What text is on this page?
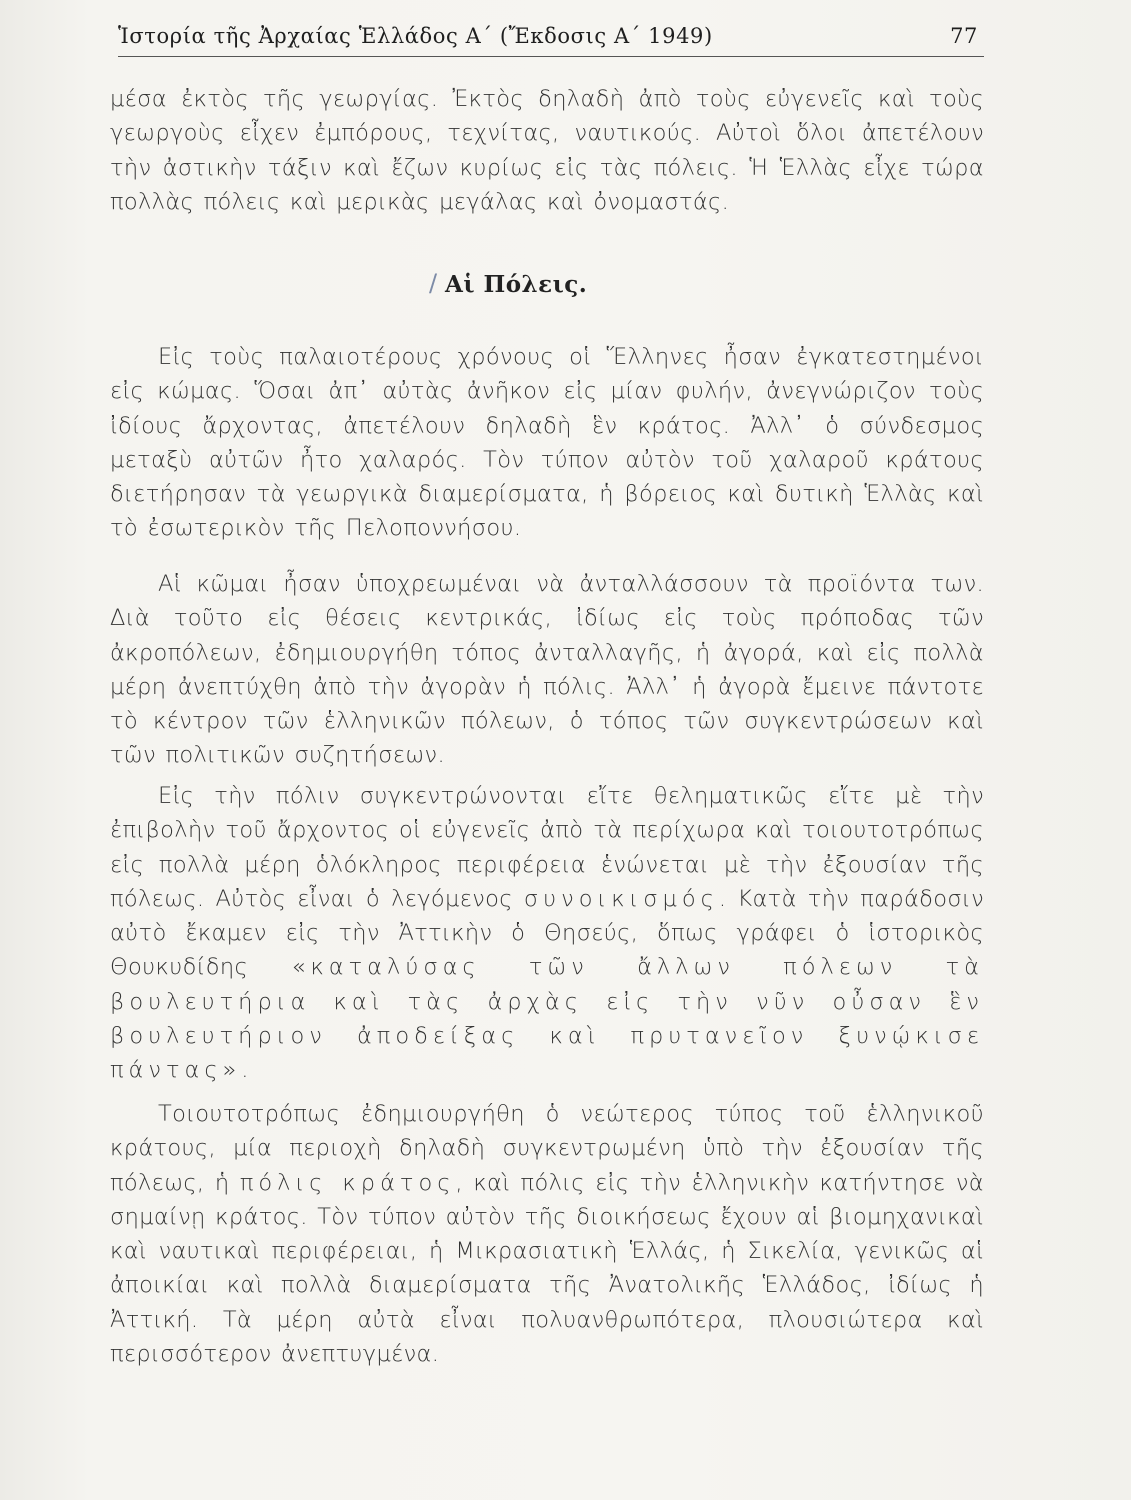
Ἱστορία τῆς Ἀρχαίας Ἑλλάδος Α΄ (Ἔκδοσις Α΄ 1949)	77

μέσα ἐκτὸς τῆς γεωργίας. Ἐκτὸς δηλαδὴ ἀπὸ τοὺς εὐγενεῖς καὶ τοὺς γεωργοὺς εἶχεν ἐμπόρους, τεχνίτας, ναυτικούς. Αὐτοὶ ὅλοι ἀπετέλουν τὴν ἀστικὴν τάξιν καὶ ἔζων κυρίως εἰς τὰς πόλεις. Ἡ Ἑλλὰς εἶχε τώρα πολλὰς πόλεις καὶ μερικὰς μεγάλας καὶ ὀνομαστάς.

/ Αἱ Πόλεις.

Εἰς τοὺς παλαιοτέρους χρόνους οἱ Ἕλληνες ἦσαν ἐγκατεστημένοι εἰς κώμας. Ὅσαι ἀπ᾽ αὐτὰς ἀνῆκον εἰς μίαν φυλήν, ἀνεγνώριζον τοὺς ἰδίους ἄρχοντας, ἀπετέλουν δηλαδὴ ἓν κράτος. Ἀλλ᾽ ὁ σύνδεσμος μεταξὺ αὐτῶν ἦτο χαλαρός. Τὸν τύπον αὐτὸν τοῦ χαλαροῦ κράτους διετήρησαν τὰ γεωργικὰ διαμερίσματα, ἡ βόρειος καὶ δυτικὴ Ἑλλὰς καὶ τὸ ἐσωτερικὸν τῆς Πελοποννήσου.

Αἱ κῶμαι ἦσαν ὑποχρεωμέναι νὰ ἀνταλλάσσουν τὰ προϊόντα των. Διὰ τοῦτο εἰς θέσεις κεντρικάς, ἰδίως εἰς τοὺς πρόποδας τῶν ἀκροπόλεων, ἐδημιουργήθη τόπος ἀνταλλαγῆς, ἡ ἀγορά, καὶ εἰς πολλὰ μέρη ἀνεπτύχθη ἀπὸ τὴν ἀγορὰν ἡ πόλις. Ἀλλ᾽ ἡ ἀγορὰ ἔμεινε πάντοτε τὸ κέντρον τῶν ἑλληνικῶν πόλεων, ὁ τόπος τῶν συγκεντρώσεων καὶ τῶν πολιτικῶν συζητήσεων.

Εἰς τὴν πόλιν συγκεντρώνονται εἴτε θεληματικῶς εἴτε μὲ τὴν ἐπιβολὴν τοῦ ἄρχοντος οἱ εὐγενεῖς ἀπὸ τὰ περίχωρα καὶ τοιουτοτρόπως εἰς πολλὰ μέρη ὁλόκληρος περιφέρεια ἑνώνεται μὲ τὴν ἐξουσίαν τῆς πόλεως. Αὐτὸς εἶναι ὁ λεγόμενος συνοικισμός. Κατὰ τὴν παράδοσιν αὐτὸ ἔκαμεν εἰς τὴν Ἀττικὴν ὁ Θησεύς, ὅπως γράφει ὁ ἱστορικὸς Θουκυδίδης «καταλύσας τῶν ἄλλων πόλεων τὰ βουλευτήρια καὶ τὰς ἀρχὰς εἰς τὴν νῦν οὖσαν ἓν βουλευτήριον ἀποδείξας καὶ πρυτανεῖον ξυνῴκισε πάντας».

Τοιουτοτρόπως ἐδημιουργήθη ὁ νεώτερος τύπος τοῦ ἑλληνικοῦ κράτους, μία περιοχὴ δηλαδὴ συγκεντρωμένη ὑπὸ τὴν ἐξουσίαν τῆς πόλεως, ἡ πόλις κράτος, καὶ πόλις εἰς τὴν ἑλληνικὴν κατήντησε νὰ σημαίνῃ κράτος. Τὸν τύπον αὐτὸν τῆς διοικήσεως ἔχουν αἱ βιομηχανικαὶ καὶ ναυτικαὶ περιφέρειαι, ἡ Μικρασιατικὴ Ἑλλάς, ἡ Σικελία, γενικῶς αἱ ἀποικίαι καὶ πολλὰ διαμερίσματα τῆς Ἀνατολικῆς Ἑλλάδος, ἰδίως ἡ Ἀττική. Τὰ μέρη αὐτὰ εἶναι πολυανθρωπότερα, πλουσιώτερα καὶ περισσότερον ἀνεπτυγμένα.
